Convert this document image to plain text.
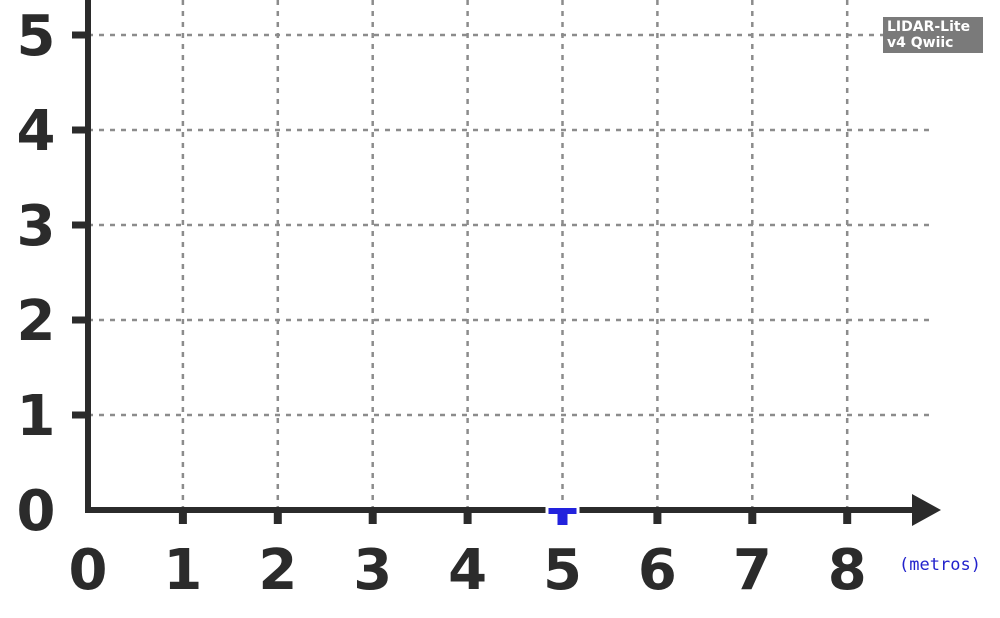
0 1 2 3 4 5 6 7 8
0
1
2
3
4
5
(metros)
LIDAR-Lite
v4 Qwiic
